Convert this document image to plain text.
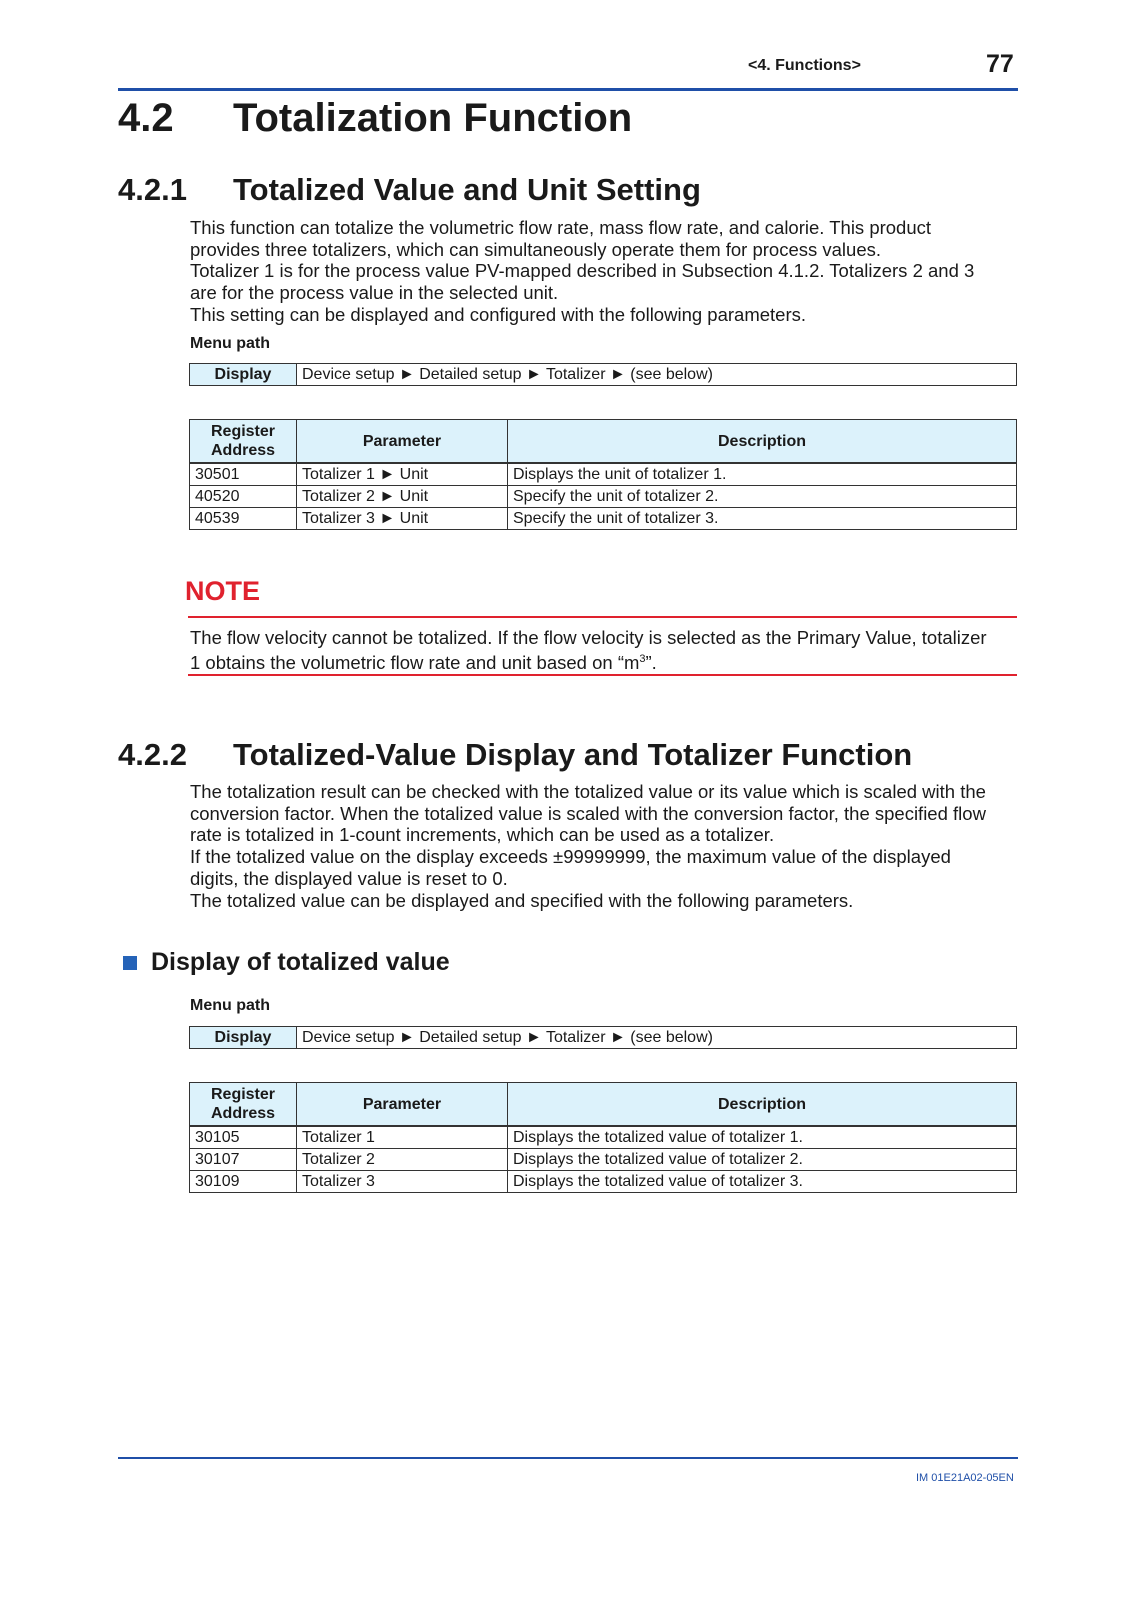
<4. Functions>	77
4.2 Totalization Function
4.2.1 Totalized Value and Unit Setting
This function can totalize the volumetric flow rate, mass flow rate, and calorie. This product
provides three totalizers, which can simultaneously operate them for process values.
Totalizer 1 is for the process value PV-mapped described in Subsection 4.1.2. Totalizers 2 and 3
are for the process value in the selected unit.
This setting can be displayed and configured with the following parameters.
Menu path
Display	Device setup ► Detailed setup ► Totalizer ► (see below)
Register Address	Parameter	Description
30501	Totalizer 1 ► Unit	Displays the unit of totalizer 1.
40520	Totalizer 2 ► Unit	Specify the unit of totalizer 2.
40539	Totalizer 3 ► Unit	Specify the unit of totalizer 3.
NOTE
The flow velocity cannot be totalized. If the flow velocity is selected as the Primary Value, totalizer
1 obtains the volumetric flow rate and unit based on “$m^3$”.
4.2.2 Totalized-Value Display and Totalizer Function
The totalization result can be checked with the totalized value or its value which is scaled with the
conversion factor. When the totalized value is scaled with the conversion factor, the specified flow
rate is totalized in 1-count increments, which can be used as a totalizer.
If the totalized value on the display exceeds ±99999999, the maximum value of the displayed
digits, the displayed value is reset to 0.
The totalized value can be displayed and specified with the following parameters.
Display of totalized value
Menu path
Display	Device setup ► Detailed setup ► Totalizer ► (see below)
Register Address	Parameter	Description
30105	Totalizer 1	Displays the totalized value of totalizer 1.
30107	Totalizer 2	Displays the totalized value of totalizer 2.
30109	Totalizer 3	Displays the totalized value of totalizer 3.
IM 01E21A02-05EN
